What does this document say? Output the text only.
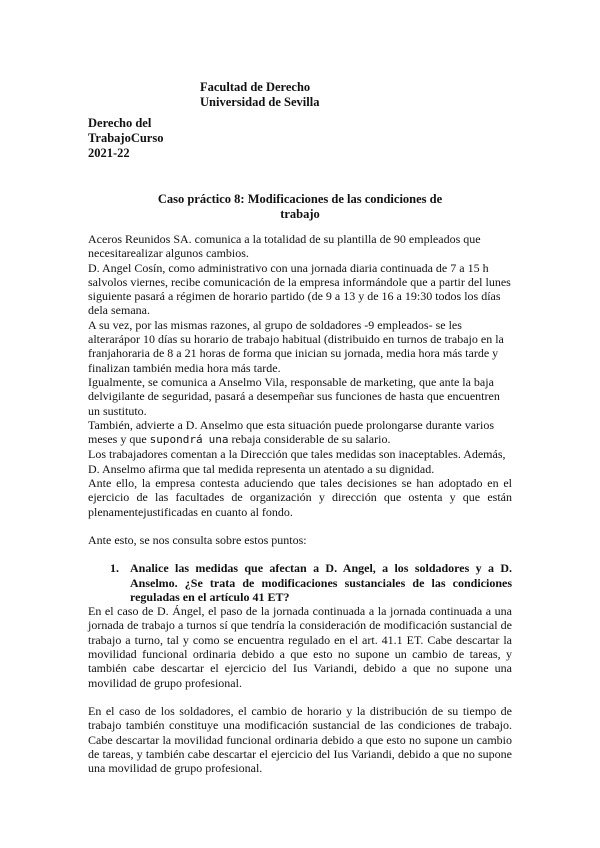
Facultad de Derecho
Universidad de Sevilla
Derecho del
TrabajoCurso
2021-22
Caso práctico 8: Modificaciones de las condiciones de
trabajo

Aceros Reunidos SA. comunica a la totalidad de su plantilla de 90 empleados que necesitarealizar algunos cambios.

D. Angel Cosín, como administrativo con una jornada diaria continuada de 7 a 15 h salvolos viernes, recibe comunicación de la empresa informándole que a partir del lunes siguiente pasará a régimen de horario partido (de 9 a 13 y de 16 a 19:30 todos los días dela semana.

A su vez, por las mismas razones, al grupo de soldadores -9 empleados- se les alterarápor 10 días su horario de trabajo habitual (distribuido en turnos de trabajo en la franjahoraria de 8 a 21 horas de forma que inician su jornada, media hora más tarde y finalizan también media hora más tarde.

Igualmente, se comunica a Anselmo Vila, responsable de marketing, que ante la baja delvigilante de seguridad, pasará a desempeñar sus funciones de hasta que encuentren un sustituto.

También, advierte a D. Anselmo que esta situación puede prolongarse durante varios meses y que supondrá una rebaja considerable de su salario.

Los trabajadores comentan a la Dirección que tales medidas son inaceptables. Además,

D. Anselmo afirma que tal medida representa un atentado a su dignidad.

Ante ello, la empresa contesta aduciendo que tales decisiones se han adoptado en el ejercicio de las facultades de organización y dirección que ostenta y que están plenamentejustificadas en cuanto al fondo.

Ante esto, se nos consulta sobre estos puntos:

1. Analice las medidas que afectan a D. Angel, a los soldadores y a D. Anselmo. ¿Se trata de modificaciones sustanciales de las condiciones reguladas en el artículo 41 ET?

En el caso de D. Ángel, el paso de la jornada continuada a la jornada continuada a una jornada de trabajo a turnos sí que tendría la consideración de modificación sustancial de trabajo a turno, tal y como se encuentra regulado en el art. 41.1 ET. Cabe descartar la movilidad funcional ordinaria debido a que esto no supone un cambio de tareas, y también cabe descartar el ejercicio del Ius Variandi, debido a que no supone una movilidad de grupo profesional.

En el caso de los soldadores, el cambio de horario y la distribución de su tiempo de trabajo también constituye una modificación sustancial de las condiciones de trabajo. Cabe descartar la movilidad funcional ordinaria debido a que esto no supone un cambio de tareas, y también cabe descartar el ejercicio del Ius Variandi, debido a que no supone una movilidad de grupo profesional.
